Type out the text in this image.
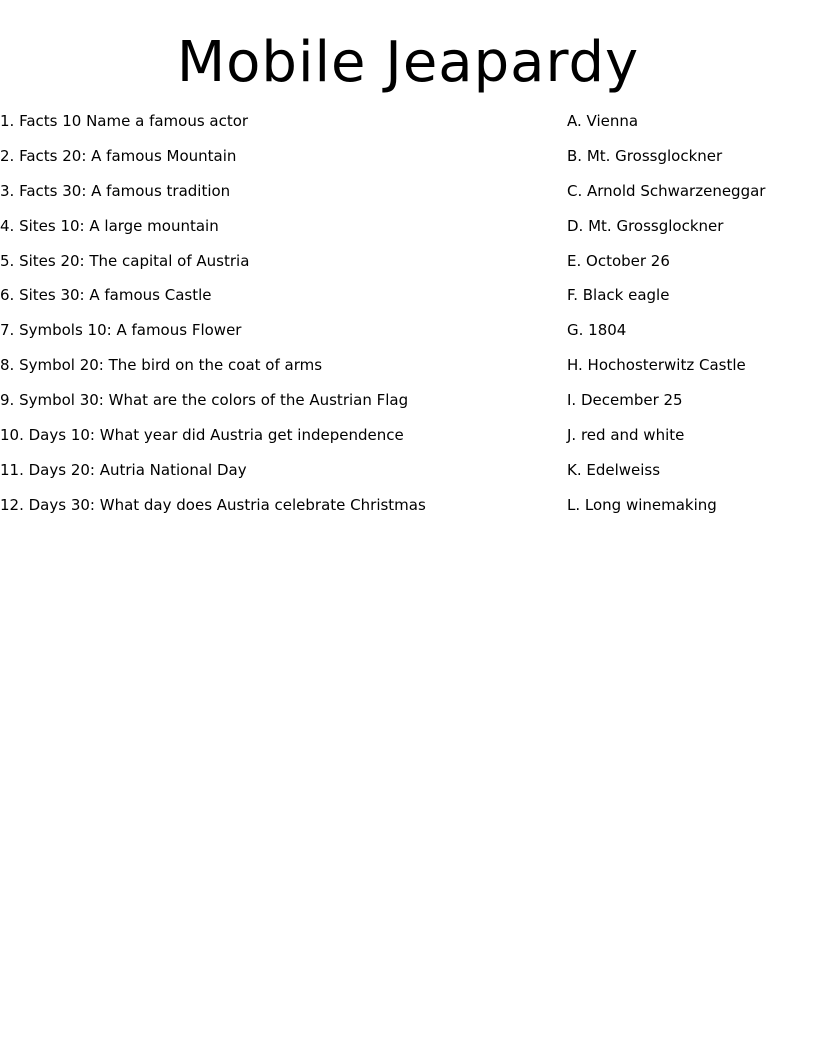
Mobile Jeapardy
1. Facts 10 Name a famous actor
2. Facts 20: A famous Mountain
3. Facts 30: A famous tradition
4. Sites 10: A large mountain
5. Sites 20: The capital of Austria
6. Sites 30: A famous Castle
7. Symbols 10: A famous Flower
8. Symbol 20: The bird on the coat of arms
9. Symbol 30: What are the colors of the Austrian Flag
10. Days 10: What year did Austria get independence
11. Days 20: Autria National Day
12. Days 30: What day does Austria celebrate Christmas
A. Vienna
B. Mt. Grossglockner
C. Arnold Schwarzeneggar
D. Mt. Grossglockner
E. October 26
F. Black eagle
G. 1804
H. Hochosterwitz Castle
I. December 25
J. red and white
K. Edelweiss
L. Long winemaking
